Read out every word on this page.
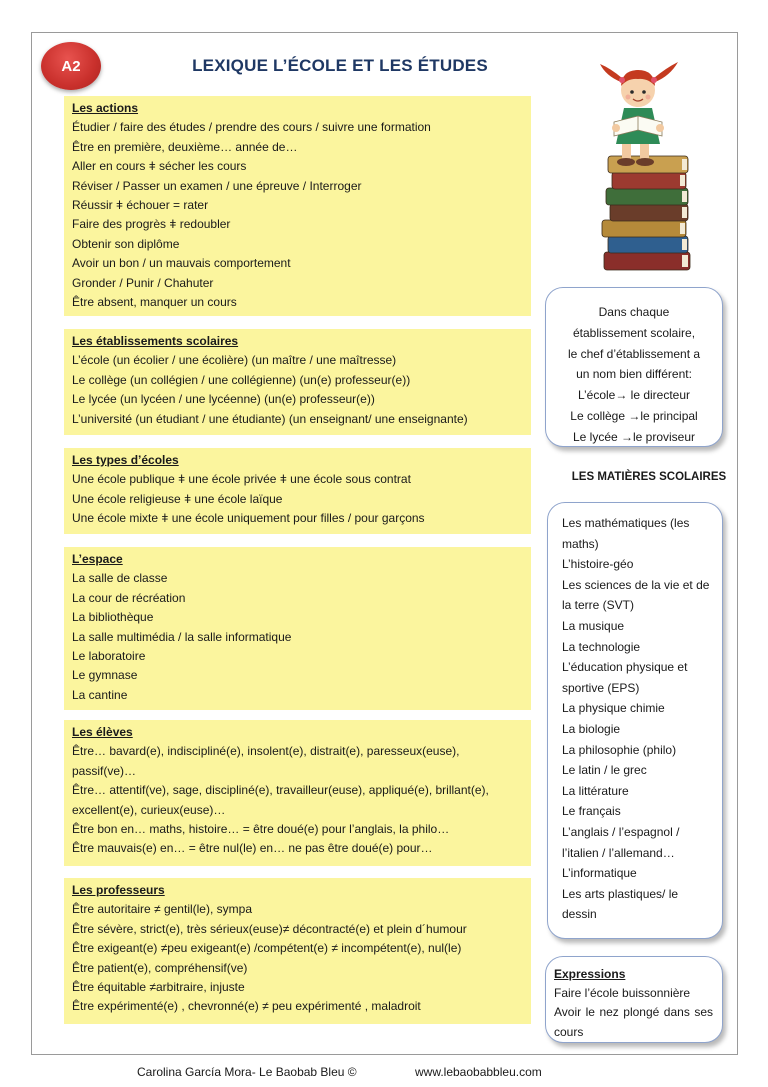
A2	LEXIQUE L’ÉCOLE ET LES ÉTUDES
Les actions
Étudier / faire des études / prendre des cours / suivre une formation
Être en première, deuxième… année de…
Aller en cours ǂ sécher les cours
Réviser / Passer un examen / une épreuve / Interroger
Réussir ǂ échouer = rater
Faire des progrès ǂ redoubler
Obtenir son diplôme
Avoir un bon / un mauvais comportement
Gronder / Punir / Chahuter
Être absent, manquer un cours
Les établissements scolaires
L’école (un écolier / une écolière) (un maître / une maîtresse)
Le collège (un collégien / une collégienne) (un(e) professeur(e))
Le lycée (un lycéen / une lycéenne) (un(e) professeur(e))
L’université (un étudiant / une étudiante) (un enseignant/ une enseignante)
Les types d’écoles
Une école publique ǂ une école privée ǂ une école sous contrat
Une école religieuse ǂ une école laïque
Une école mixte ǂ une école uniquement pour filles / pour garçons
L’espace
La salle de classe
La cour de récréation
La bibliothèque
La salle multimédia / la salle informatique
Le laboratoire
Le gymnase
La cantine
Les élèves
Être… bavard(e), indiscipliné(e), insolent(e), distrait(e), paresseux(euse), passif(ve)…
Être… attentif(ve), sage, discipliné(e), travailleur(euse), appliqué(e), brillant(e), excellent(e), curieux(euse)…
Être bon en… maths, histoire… = être doué(e) pour l’anglais, la philo…
Être mauvais(e) en… = être nul(le) en… ne pas être doué(e) pour…
Les professeurs
Être autoritaire ≠ gentil(le), sympa
Être sévère, strict(e), très sérieux(euse)≠ décontracté(e) et plein d´humour
Être exigeant(e) ≠peu exigeant(e) /compétent(e) ≠ incompétent(e), nul(le)
Être patient(e), compréhensif(ve)
Être équitable ≠arbitraire, injuste
Être expérimenté(e) , chevronné(e) ≠ peu expérimenté , maladroit
Dans chaque
établissement scolaire,
le chef d’établissement a
un nom bien différent:
L’école→ le directeur
Le collège →le principal
Le lycée →le proviseur
LES MATIÈRES SCOLAIRES
Les mathématiques (les maths)
L’histoire-géo
Les sciences de la vie et de la terre (SVT)
La musique
La technologie
L’éducation physique et sportive (EPS)
La physique chimie
La biologie
La philosophie (philo)
Le latin / le grec
La littérature
Le français
L’anglais / l’espagnol / l’italien / l’allemand…
L’informatique
Les arts plastiques/ le dessin
Expressions
Faire l’école buissonnière
Avoir le nez plongé dans ses cours
Carolina García Mora- Le Baobab Bleu ©	www.lebaobabbleu.com
